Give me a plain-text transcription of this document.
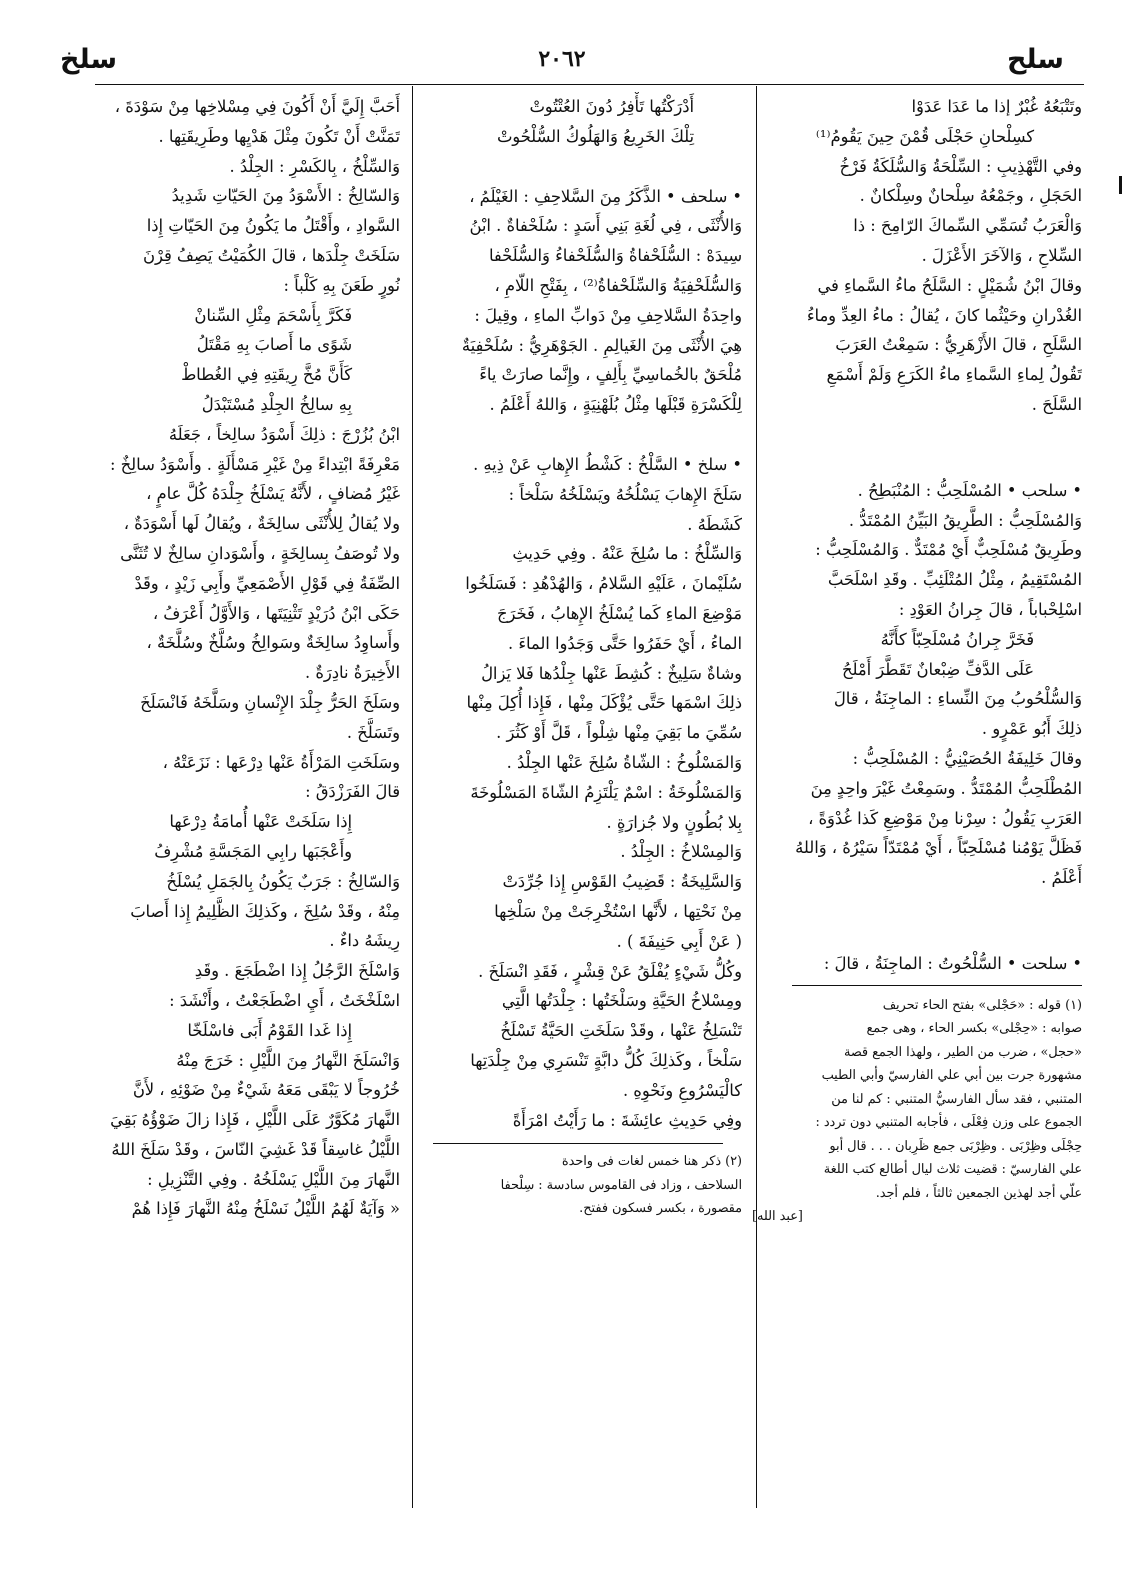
سلح
٢٠٦٢
سلخ

وتَتْبَعُهُ غُبْرٌ إذا ما عَدَا عَدَوْا

كسِلْحانِ حَجْلَى قُمْنَ حِينَ يَقُومُ⁽¹⁾

وفي التَّهْذِيبِ : السِّلْحَةُ وَالسُّلَكَةُ فَرْخُ

الحَجَلِ ، وجَمْعُهُ سِلْحانٌ وسِلْكانٌ .

وَالْعَرَبُ تُسَمِّي السِّماكَ الرّامِحَ : ذا

السِّلاحِ ، وَالآخَرَ الأَعْزَلَ .

وقالَ ابْنُ شُمَيْلٍ : السَّلَحُ ماءُ السَّماءِ في

الغُدْرانِ وحَيْثُما كانَ ، يُقالُ : ماءُ العِدِّ وماءُ

السَّلَحِ ، قالَ الأَزْهَرِيُّ : سَمِعْتُ العَرَبَ

تَقُولُ لِماءِ السَّماءِ ماءُ الكَرَعِ وَلَمْ أَسْمَعِ

السَّلَحَ .

• سلحب • المُسْلَحِبُّ : المُنْبَطِحُ .

وَالمُسْلَحِبُّ : الطَّرِيقُ البَيِّنُ المُمْتَدُّ .

وطَرِيقٌ مُسْلَحِبٌّ أَيْ مُمْتَدٌّ . وَالمُسْلَحِبُّ :

المُسْتَقِيمُ ، مِثْلُ المُتْلَئِبِّ . وقَدِ اسْلَحَبَّ

اسْلِحْباباً ، قالَ جِرانُ العَوْدِ :

فَخَرَّ جِرانُ مُسْلَحِبّاً كأَنَّهُ

عَلَى الدَّفِّ ضِبْعانٌ تَقَطَّرَ أَمْلَحُ

وَالسُّلْحُوبُ مِنَ النِّساءِ : الماجِنَةُ ، قالَ

ذلِكَ أَبُو عَمْرٍو .

وقالَ خَلِيفَةُ الحُصَيْنِيُّ : المُسْلَحِبُّ :

المُطْلَحِبُّ المُمْتَدُّ . وسَمِعْتُ غَيْرَ واحِدٍ مِنَ

العَرَبِ يَقُولُ : سِرْنا مِنْ مَوْضِعِ كَذا غُدْوَةً ،

فَظَلَّ يَوْمُنا مُسْلَحِبّاً ، أَيْ مُمْتَدّاً سَيْرُهُ ، وَاللهُ

أَعْلَمُ .

• سلحت • السُّلْحُوتُ : الماجِنَةُ ، قالَ :

(١) قوله : «حَجْلى» بفتح الحاء تحريف

صوابه : «حِجْلى» بكسر الحاء ، وهى جمع

«حجل» ، ضرب من الطير ، ولهذا الجمع قصة

مشهورة جرت بين أبي علي الفارسيّ وأبي الطيب

المتنبي ، فقد سأل الفارسيُّ المتنبي : كم لنا من

الجموع على وزن فِعْلَى ، فأجابه المتنبي دون تردد :

حِجْلَى وظِرْبَى . وظِرْبَى جمع ظَرِبان . . . قال أبو

علي الفارسيّ : قضيت ثلاث ليال أطالع كتب اللغة

علّي أجد لهذين الجمعين ثالثاً ، فلم أجد.

[عبد الله]

أَدْرَكْتُها تَأْفِرُ دُونَ العُتْتُوتْ

تِلْكَ الخَرِيعُ وَالهَلُوكُ السُّلْحُوتْ

• سلحف • الذَّكَرُ مِنَ السَّلاحِفِ : الغَيْلَمُ ،

وَالأُنْثَى ، فِي لُغَةِ بَنِي أَسَدٍ : سُلَحْفاةٌ . ابْنُ

سِيدَهْ : السُّلَحْفاةُ وَالسُّلَحْفاءُ وَالسُّلَحْفا

وَالسُّلَحْفِيَةُ وَالسِّلَحْفاةُ⁽²⁾ ، بِفَتْحِ اللّامِ ،

واحِدَةُ السَّلاحِفِ مِنْ دَوابِّ الماءِ ، وقِيلَ :

هِيَ الأُنْثَى مِنَ الغَيالِمِ . الجَوْهَرِيُّ : سُلَحْفِيَةٌ

مُلْحَقٌ بالخُماسِيِّ بِأَلِفٍ ، وإِنَّما صارَتْ ياءً

لِلْكَسْرَةِ قَبْلَها مِثْلُ بُلَهْنِيَةٍ ، وَاللهُ أَعْلَمُ .

• سلخ • السَّلْخُ : كَشْطُ الإِهابِ عَنْ ذِيهِ .

سَلَخَ الإِهابَ يَسْلُخُهُ ويَسْلَخُهُ سَلْخاً :

كَشَطَهُ .

وَالسِّلْخُ : ما سُلِخَ عَنْهُ . وفِي حَدِيثِ

سُلَيْمانَ ، عَلَيْهِ السَّلامُ ، وَالهُدْهُدِ : فَسَلَخُوا

مَوْضِعَ الماءِ كَما يُسْلَخُ الإِهابُ ، فَخَرَجَ

الماءُ ، أَيْ حَفَرُوا حَتَّى وَجَدُوا الماءَ .

وشاةٌ سَلِيخٌ : كُشِطَ عَنْها جِلْدُها فَلا يَزالُ

ذلِكَ اسْمَها حَتَّى يُؤْكَلَ مِنْها ، فَإِذا أُكِلَ مِنْها

سُمِّيَ ما بَقِيَ مِنْها شِلْواً ، قَلَّ أَوْ كَثُرَ .

وَالمَسْلُوخُ : الشّاةُ سُلِخَ عَنْها الجِلْدُ .

وَالمَسْلُوخَةُ : اسْمٌ يَلْتَزِمُ الشّاةَ المَسْلُوخَةَ

بِلا بُطُونٍ ولا جُزارَةٍ .

وَالمِسْلاخُ : الجِلْدُ .

وَالسَّلِيخَةُ : قَضِيبُ القَوْسِ إِذا جُرِّدَتْ

مِنْ نَحْتِها ، لأَنَّها اسْتُخْرِجَتْ مِنْ سَلْخِها

( عَنْ أَبِي حَنِيفَةَ ) .

وكُلُّ شَيْءٍ يُفْلَقُ عَنْ قِشْرٍ ، فَقَدِ انْسَلَخَ .

ومِسْلاخُ الحَيَّةِ وسَلْخَتُها : جِلْدَتُها الَّتِي

تَنْسَلِخُ عَنْها ، وقَدْ سَلَخَتِ الحَيَّةُ تَسْلَخُ

سَلْخاً ، وكَذلِكَ كُلُّ دابَّةٍ تَنْسَرِي مِنْ جِلْدَتِها

كالْيَسْرُوعِ ونَحْوِهِ .

وفِي حَدِيثِ عائِشَةَ : ما رَأَيْتُ امْرَأَةً

(٢) ذكر هنا خمس لغات فى واحدة

السلاحف ، وزاد فى القاموس سادسة : سِلْحفا

مقصورة ، بكسر فسكون ففتح.

أَحَبَّ إِلَيَّ أَنْ أَكُونَ فِي مِسْلاخِها مِنْ سَوْدَةَ ،

تَمَنَّتْ أَنْ تَكُونَ مِثْلَ هَدْيِها وطَرِيقَتِها .

وَالسِّلْخُ ، بِالكَسْرِ : الجِلْدُ .

وَالسّالِخُ : الأَسْوَدُ مِنَ الحَيّاتِ شَدِيدُ

السَّوادِ ، وأَقْتَلُ ما يَكُونُ مِنَ الحَيّاتِ إِذا

سَلَخَتْ جِلْدَها ، قالَ الكُمَيْتُ يَصِفُ قِرْنَ

نُورٍ طَعَنَ بِهِ كَلْباً :

فَكَرَّ بِأَسْحَمَ مِثْلِ السِّنانْ

شَوًى ما أَصابَ بِهِ مَقْتَلُ

كَأَنَّ مُخَّ رِيقَتِهِ فِي الغُطاطْ

بِهِ سالِخُ الجِلْدِ مُسْتَبْدَلُ

ابْنُ بُزُرْجَ : ذلِكَ أَسْوَدُ سالِخاً ، جَعَلَهُ

مَعْرِفَةً ابْتِداءً مِنْ غَيْرِ مَسْأَلَةٍ . وأَسْوَدُ سالِخٌ :

غَيْرُ مُضافٍ ، لأَنَّهُ يَسْلَخُ جِلْدَهُ كُلَّ عامٍ ،

ولا يُقالُ لِلأُنْثَى سالِخَةٌ ، ويُقالُ لَها أَسْوَدَةٌ ،

ولا تُوصَفُ بِسالِخَةٍ ، وأَسْوَدانِ سالِخٌ لا تُثَنَّى

الصِّفَةُ فِي قَوْلِ الأَصْمَعِيِّ وأَبِي زَيْدٍ ، وقَدْ

حَكَى ابْنُ دُرَيْدٍ تَثْنِيَتَها ، وَالأَوَّلُ أَعْرَفُ ،

وأَساوِدُ سالِخَةٌ وسَوالِخُ وسُلَّخٌ وسُلَّخَةٌ ،

الأَخِيرَةُ نادِرَةٌ .

وسَلَخَ الحَرُّ جِلْدَ الإِنْسانِ وسَلَّخَهُ فَانْسَلَخَ

وتَسَلَّخَ .

وسَلَخَتِ المَرْأَةُ عَنْها دِرْعَها : نَزَعَتْهُ ،

قالَ الفَرَزْدَقُ :

إِذا سَلَخَتْ عَنْها أُمامَةُ دِرْعَها

وأَعْجَبَها رابِي المَجَسَّةِ مُشْرِفُ

وَالسّالِخُ : جَرَبٌ يَكُونُ بِالجَمَلِ يُسْلَخُ

مِنْهُ ، وقَدْ سُلِخَ ، وكَذلِكَ الظَّلِيمُ إِذا أَصابَ

رِيشَهُ داءٌ .

وَاسْلَخَ الرَّجُلُ إِذا اضْطَجَعَ . وقَدِ

اسْلَخْخَتُ ، أَيِ اضْطَجَعْتُ ، وأَنْشَدَ :

إِذا غَدا القَوْمُ أَبَى فاسْلَخّا

وَانْسَلَخَ النَّهارُ مِنَ اللَّيْلِ : خَرَجَ مِنْهُ

خُرُوجاً لا يَبْقَى مَعَهُ شَيْءٌ مِنْ ضَوْئِهِ ، لأَنَّ

النَّهارَ مُكَوَّرٌ عَلَى اللَّيْلِ ، فَإِذا زالَ ضَوْؤُهُ بَقِيَ

اللَّيْلُ غاسِقاً قَدْ غَشِيَ النّاسَ ، وقَدْ سَلَخَ اللهُ

النَّهارَ مِنَ اللَّيْلِ يَسْلَخُهُ . وفِي التَّنْزِيلِ :

« وَآيَةٌ لَهُمُ اللَّيْلُ نَسْلَخُ مِنْهُ النَّهارَ فَإِذا هُمْ
